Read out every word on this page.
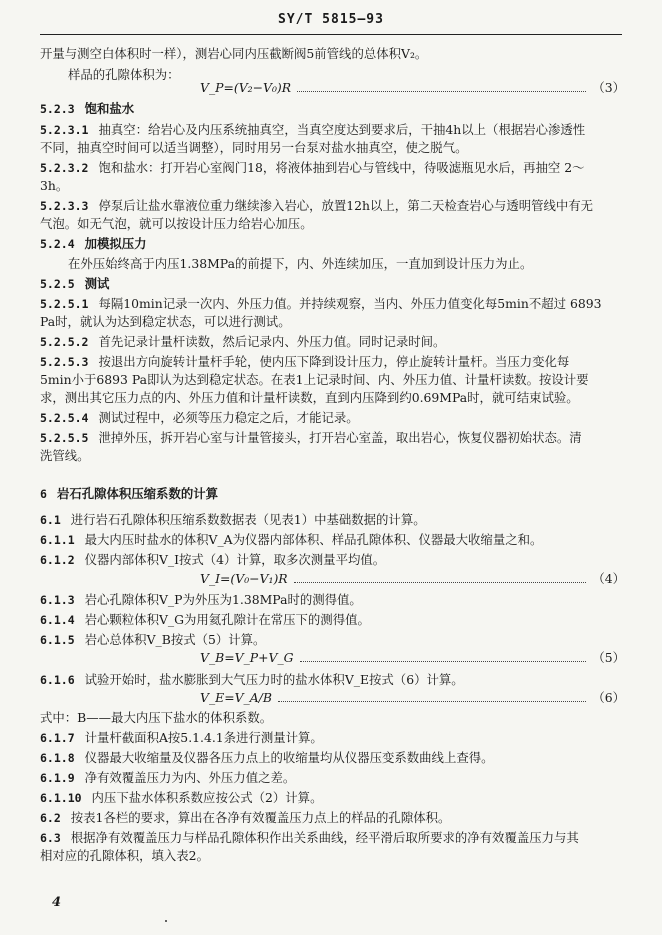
SY/T 5815—93
开量与测空白体积时一样），测岩心同内压截断阀5前管线的总体积V₂。
样品的孔隙体积为：
V_P=(V₂−V₀)R	（3）
5.2.3 饱和盐水
5.2.3.1 抽真空：给岩心及内压系统抽真空，当真空度达到要求后，干抽4h以上（根据岩心渗透性
不同，抽真空时间可以适当调整），同时用另一台泵对盐水抽真空，使之脱气。
5.2.3.2 饱和盐水：打开岩心室阀门18，将液体抽到岩心与管线中，待吸滤瓶见水后，再抽空 2～
3h。
5.2.3.3 停泵后让盐水靠液位重力继续渗入岩心，放置12h以上，第二天检查岩心与透明管线中有无
气泡。如无气泡，就可以按设计压力给岩心加压。
5.2.4 加模拟压力
在外压始终高于内压1.38MPa的前提下，内、外连续加压，一直加到设计压力为止。
5.2.5 测试
5.2.5.1 每隔10min记录一次内、外压力值。并持续观察，当内、外压力值变化每5min不超过 6893
Pa时，就认为达到稳定状态，可以进行测试。
5.2.5.2 首先记录计量杆读数，然后记录内、外压力值。同时记录时间。
5.2.5.3 按退出方向旋转计量杆手轮，使内压下降到设计压力，停止旋转计量杆。当压力变化每
5min小于6893 Pa即认为达到稳定状态。在表1上记录时间、内、外压力值、计量杆读数。按设计要
求，测出其它压力点的内、外压力值和计量杆读数，直到内压降到约0.69MPa时，就可结束试验。
5.2.5.4 测试过程中，必须等压力稳定之后，才能记录。
5.2.5.5 泄掉外压，拆开岩心室与计量管接头，打开岩心室盖，取出岩心，恢复仪器初始状态。清
洗管线。
6 岩石孔隙体积压缩系数的计算
6.1 进行岩石孔隙体积压缩系数数据表（见表1）中基础数据的计算。
6.1.1 最大内压时盐水的体积V_A为仪器内部体积、样品孔隙体积、仪器最大收缩量之和。
6.1.2 仪器内部体积V_I按式（4）计算，取多次测量平均值。
V_I=(V₀−V₁)R	（4）
6.1.3 岩心孔隙体积V_P为外压为1.38MPa时的测得值。
6.1.4 岩心颗粒体积V_G为用氦孔隙计在常压下的测得值。
6.1.5 岩心总体积V_B按式（5）计算。
V_B=V_P+V_G	（5）
6.1.6 试验开始时，盐水膨胀到大气压力时的盐水体积V_E按式（6）计算。
V_E=V_A/B	（6）
式中：B——最大内压下盐水的体积系数。
6.1.7 计量杆截面积A按5.1.4.1条进行测量计算。
6.1.8 仪器最大收缩量及仪器各压力点上的收缩量均从仪器压变系数曲线上查得。
6.1.9 净有效覆盖压力为内、外压力值之差。
6.1.10 内压下盐水体积系数应按公式（2）计算。
6.2 按表1各栏的要求，算出在各净有效覆盖压力点上的样品的孔隙体积。
6.3 根据净有效覆盖压力与样品孔隙体积作出关系曲线，经平滑后取所要求的净有效覆盖压力与其
相对应的孔隙体积，填入表2。
4
